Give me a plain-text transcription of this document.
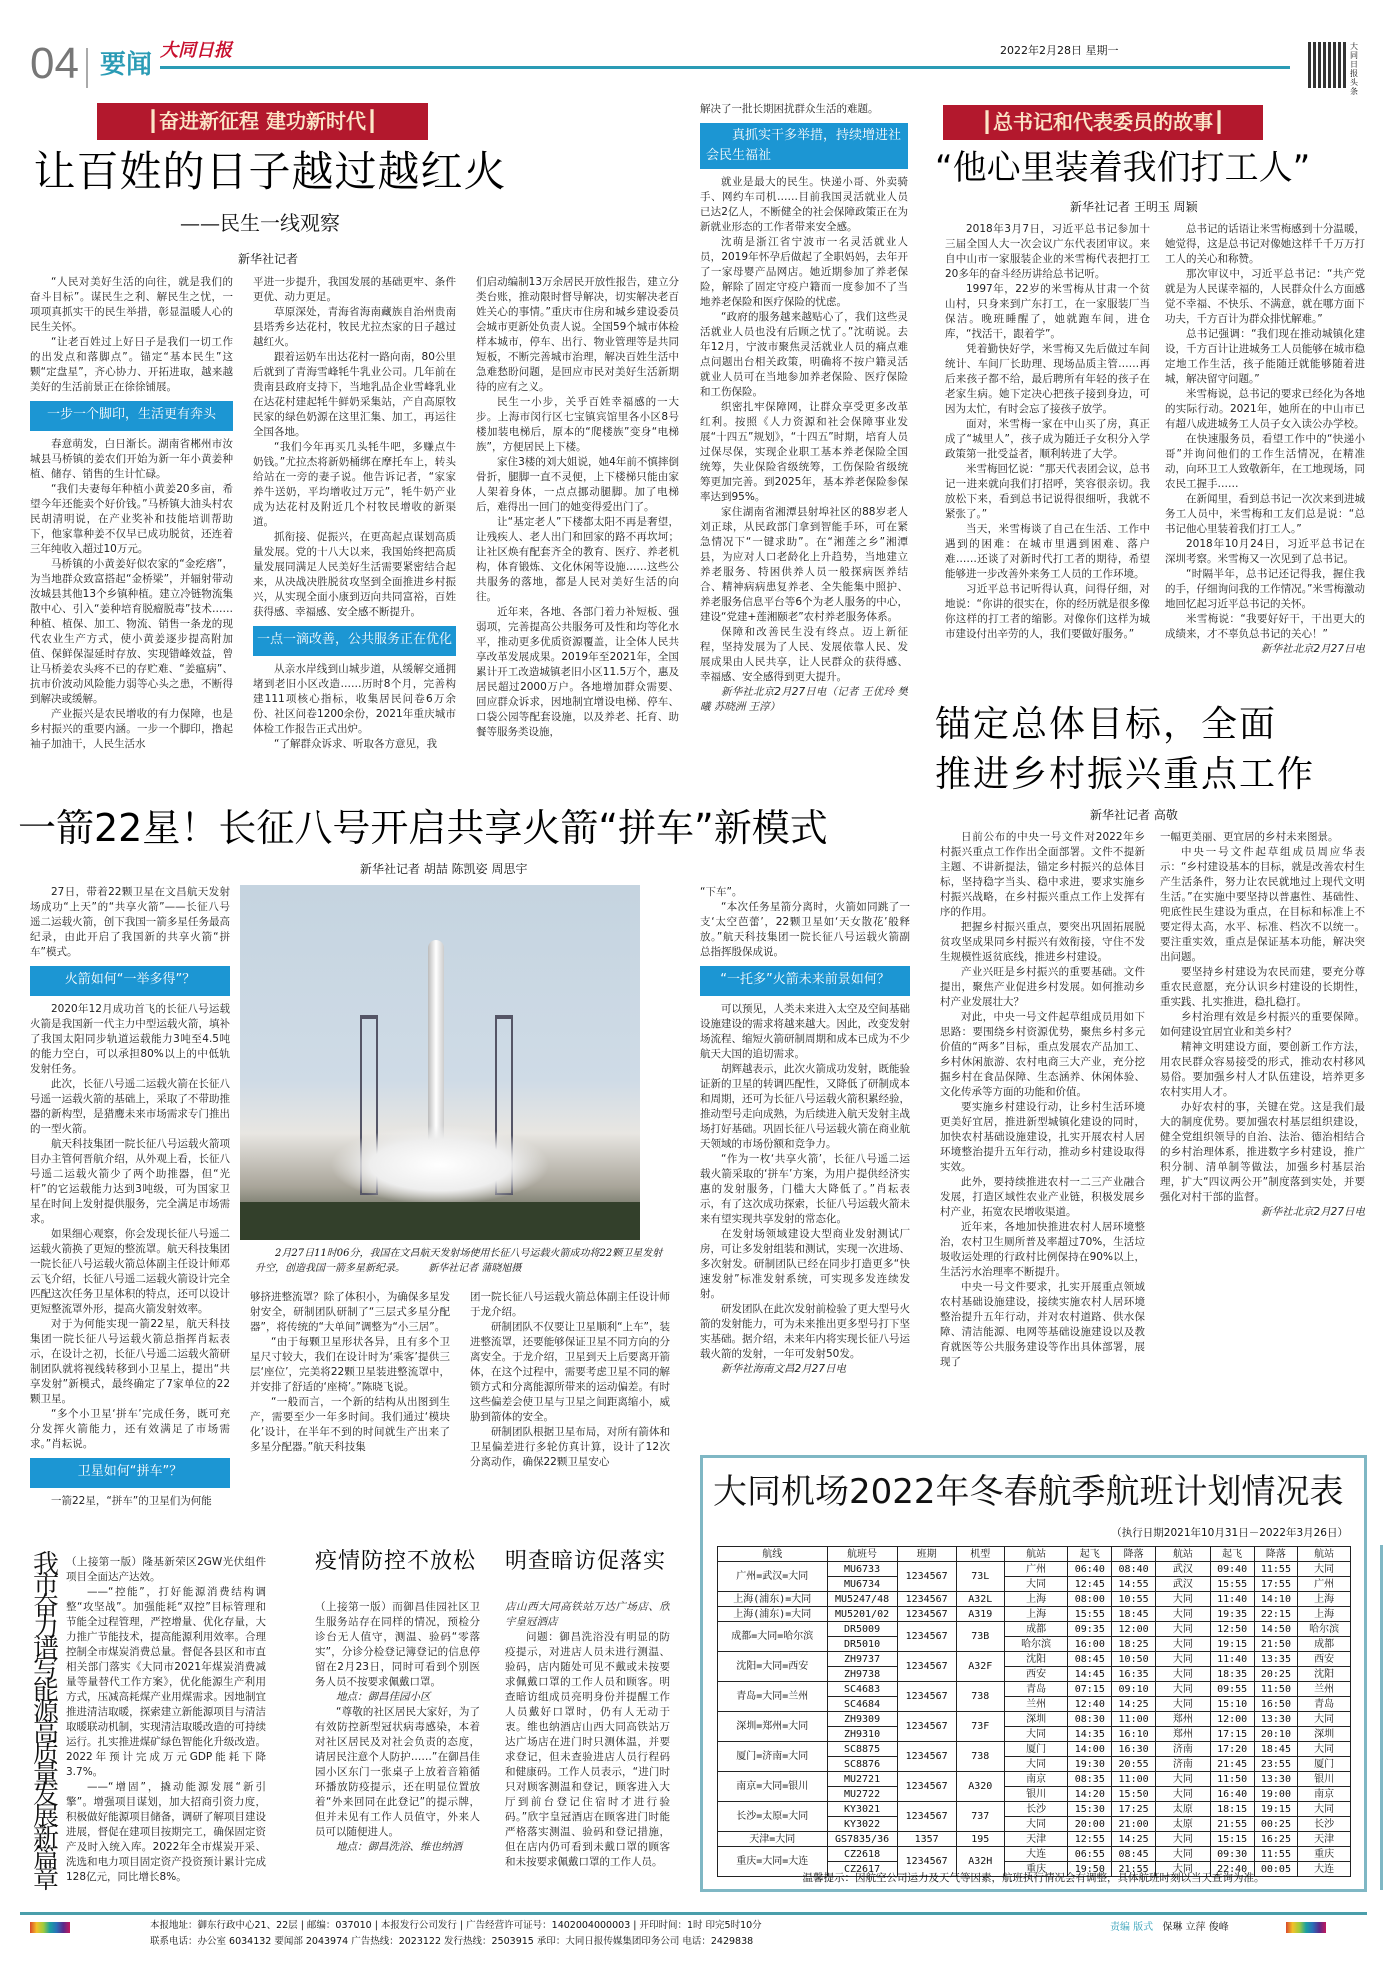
04 要闻 大同日报	2022年2月28日 星期一	大同日报头条
┃奋进新征程 建功新时代┃
让百姓的日子越过越红火
——民生一线观察
新华社记者

“人民对美好生活的向往，就是我们的奋斗目标”。谋民生之利、解民生之忧，一项项真抓实干的民生举措，彰显温暖人心的民生关怀。

“让老百姓过上好日子是我们一切工作的出发点和落脚点”。锚定“基本民生”这颗“定盘星”，齐心协力、开拓进取，越来越美好的生活前景正在徐徐铺展。

一步一个脚印，生活更有奔头

春意萌发，白日渐长。湖南省郴州市汝城县马桥镇的姜农们开始为新一年小黄姜种植、储存、销售的生计忙碌。

“我们夫妻每年种植小黄姜20多亩，希望今年还能卖个好价钱。”马桥镇大油头村农民胡清明说，在产业奖补和技能培训帮助下，他家靠种姜不仅早已成功脱贫，还连着三年纯收入超过10万元。

马桥镇的小黄姜好似农家的“金疙瘩”，为当地群众致富搭起“金桥梁”，并辐射带动汝城县其他13个乡镇种植。建立冷链物流集散中心、引入“姜种培育脱瘤脱毒”技术……种植、植保、加工、物流、销售一条龙的现代农业生产方式，使小黄姜逐步提高附加值、保鲜保湿延时存放、实现错峰效益，曾让马桥姜农头疼不已的存贮难、“姜瘟病”、抗市价波动风险能力弱等心头之患，不断得到解决或缓解。

产业振兴是农民增收的有力保障，也是乡村振兴的重要内涵。一步一个脚印，撸起袖子加油干，人民生活水

平进一步提升，我国发展的基础更牢、条件更优、动力更足。

草原深处，青海省海南藏族自治州贵南县塔秀乡达花村，牧民尤拉杰家的日子越过越红火。

跟着运奶车出达花村一路向南，80公里后就到了青海雪峰牦牛乳业公司。几年前在贵南县政府支持下，当地乳品企业雪峰乳业在达花村建起牦牛鲜奶采集站，产自高原牧民家的绿色奶源在这里汇集、加工，再运往全国各地。

“我们今年再买几头牦牛吧，多赚点牛奶钱。”尤拉杰将新奶桶绑在摩托车上，转头给站在一旁的妻子说。他告诉记者，“家家养牛送奶，平均增收过万元”，牦牛奶产业成为达花村及附近几个村牧民增收的新渠道。

抓衔接、促振兴，在更高起点谋划高质量发展。党的十八大以来，我国始终把高质量发展同满足人民美好生活需要紧密结合起来，从决战决胜脱贫攻坚到全面推进乡村振兴，从实现全面小康到迈向共同富裕，百姓获得感、幸福感、安全感不断提升。

一点一滴改善，公共服务正在优化

从亲水岸线到山城步道，从缓解交通拥堵到老旧小区改造……历时8个月，完善构建111项核心指标，收集居民问卷6万余份、社区问卷1200余份，2021年重庆城市体检工作报告正式出炉。

“了解群众诉求、听取各方意见，我

们启动编制13万余居民开放性报告，建立分类台账，推动限时督导解决，切实解决老百姓关心的事情。”重庆市住房和城乡建设委员会城市更新处负责人说。全国59个城市体检样本城市，停车、出行、物业管理等是共同短板，不断完善城市治理，解决百姓生活中急难愁盼问题，是回应市民对美好生活新期待的应有之义。

民生一小步，关乎百姓幸福感的一大步。上海市闵行区七宝镇宾馆里各小区8号楼加装电梯后，原本的“爬楼族”变身“电梯族”，方便居民上下楼。

家住3楼的刘大姐说，她4年前不慎摔倒骨折，腿脚一直不灵便，上下楼梯只能由家人架着身体，一点点挪动腿脚。加了电梯后，难得出一回门的她变得爱出门了。

让“基定老人”下楼都太阳不再是奢望，让残疾人、老人出门和回家的路不再坎坷；让社区焕有配套齐全的教育、医疗、养老机构，体育锻炼、文化休闲等设施……这些公共服务的落地，都是人民对美好生活的向往。

近年来，各地、各部门着力补短板、强弱项，完善提高公共服务可及性和均等化水平，推动更多优质资源覆盖，让全体人民共享改革发展成果。2019年至2021年，全国累计开工改造城镇老旧小区11.5万个，惠及居民超过2000万户。各地增加群众需要、回应群众诉求，因地制宜增设电梯、停车、口袋公园等配套设施，以及养老、托育、助餐等服务类设施，

解决了一批长期困扰群众生活的难题。

真抓实干多举措，持续增进社会民生福祉

就业是最大的民生。快递小哥、外卖骑手、网约车司机……目前我国灵活就业人员已达2亿人，不断健全的社会保障政策正在为新就业形态的工作者带来安全感。

沈萌是浙江省宁波市一名灵活就业人员，2019年怀孕后做起了全职妈妈，去年开了一家母婴产品网店。她近期参加了养老保险，解除了固定守疫户籍而一度参加不了当地养老保险和医疗保险的忧虑。

“政府的服务越来越贴心了，我们这些灵活就业人员也没有后顾之忧了。”沈萌说。去年12月，宁波市聚焦灵活就业人员的痛点难点问题出台相关政策，明确将不按户籍灵活就业人员可在当地参加养老保险、医疗保险和工伤保险。

织密扎牢保障网，让群众享受更多改革红利。按照《人力资源和社会保障事业发展“十四五”规划》，“十四五”时期，培育人员过保尽保，实现企业职工基本养老保险全国统筹，失业保险省级统筹，工伤保险省级统筹更加完善。到2025年，基本养老保险参保率达到95%。

家住湖南省湘潭县射埠社区的88岁老人刘正球，从民政部门拿到智能手环，可在紧急情况下“一键求助”。在“湘莲之乡”湘潭县，为应对人口老龄化上升趋势，当地建立养老服务、特困供养人员一般探病医养结合、精神病病患复养老、全失能集中照护、养老服务信息平台等6个为老人服务的中心，建设“党建+莲湘颐老”农村养老服务体系。

保障和改善民生没有终点。迈上新征程，坚持发展为了人民、发展依靠人民、发展成果由人民共享，让人民群众的获得感、幸福感、安全感得到更大提升。

新华社北京2月27日电（记者 王优玲 樊曦 苏晓洲 王淳）

┃总书记和代表委员的故事┃
“他心里装着我们打工人”
新华社记者 王明玉 周颖

2018年3月7日，习近平总书记参加十三届全国人大一次会议广东代表团审议。来自中山市一家服装企业的米雪梅代表把打工20多年的奋斗经历讲给总书记听。

1997年，22岁的米雪梅从甘肃一个贫山村，只身来到广东打工，在一家服装厂当保洁。晚班睡醒了，她就跑车间，进仓库，“找活干，跟着学”。

凭着勤快好学，米雪梅又先后做过车间统计、车间厂长助理、现场品质主管……再后来孩子都不给，最后聘所有年轻的孩子在老家生病。她下定决心把孩子接到身边，可因为太忙，有时会忘了接孩子放学。

面对，米雪梅一家在中山买了房，真正成了“城里人”，孩子成为随迁子女积分入学政策第一批受益者，顺利转进了大学。

米雪梅回忆说：“那天代表团会议，总书记一进来就向我们打招呼，笑容很亲切。我放松下来，看到总书记说得很细听，我就不紧张了。”

当天，米雪梅谈了自己在生活、工作中遇到的困难：在城市里遇到困难、落户难……还谈了对新时代打工者的期待，希望能够进一步改善外来务工人员的工作环境。

习近平总书记听得认真，问得仔细，对地说：“你讲的很实在，你的经历就是很多像你这样的打工者的缩影。对像你们这样为城市建设付出辛劳的人，我们要做好服务。”

总书记的话语让米雪梅感到十分温暖，她觉得，这是总书记对像她这样千千万万打工人的关心和称赞。

那次审议中，习近平总书记：“共产党就是为人民谋幸福的，人民群众什么方面感觉不幸福、不快乐、不满意，就在哪方面下功夫，千方百计为群众排忧解难。”

总书记强调：“我们现在推动城镇化建设，千方百计让进城务工人员能够在城市稳定地工作生活，孩子能随迁就能够随着进城，解决留守问题。”

米雪梅说，总书记的要求已经化为各地的实际行动。2021年，她所在的中山市已有超八成进城务工人员子女入读公办学校。

在快速服务员，看望工作中的“快递小哥”并询问他们的工作生活情况，在精准动，向环卫工人致敬新年，在工地现场，同农民工握手……

在新闻里，看到总书记一次次来到进城务工人员中，米雪梅和工友们总是说：“总书记他心里装着我们打工人。”

2018年10月24日，习近平总书记在深圳考察。米雪梅又一次见到了总书记。

“时隔半年，总书记还记得我，握住我的手，仔细询问我的工作情况。”米雪梅激动地回忆起习近平总书记的关怀。

米雪梅说：“我要好好干，干出更大的成绩来，才不辜负总书记的关心！”

新华社北京2月27日电

锚定总体目标，全面
推进乡村振兴重点工作
新华社记者 高敬

日前公布的中央一号文件对2022年乡村振兴重点工作作出全面部署。文件不提新主题、不讲新提法，锚定乡村振兴的总体目标，坚持稳字当头、稳中求进，要求实施乡村振兴战略，在乡村振兴重点工作上发挥有序的作用。

把握乡村振兴重点，要突出巩固拓展脱贫攻坚成果同乡村振兴有效衔接，守住不发生规模性返贫底线，推进乡村建设。

产业兴旺是乡村振兴的重要基础。文件提出，聚焦产业促进乡村发展。如何推动乡村产业发展壮大？

对此，中央一号文件起草组成员用如下思路：要围绕乡村资源优势，聚焦乡村多元价值的“两多”目标，重点发展农产品加工、乡村休闲旅游、农村电商三大产业，充分挖掘乡村在食品保障、生态涵养、休闲体验、文化传承等方面的功能和价值。

要实施乡村建设行动，让乡村生活环境更美好宜居，推进新型城镇化建设的同时，加快农村基础设施建设，扎实开展农村人居环境整治提升五年行动，推动乡村建设取得实效。

此外，要持续推进农村一二三产业融合发展，打造区域性农业产业链，积极发展乡村产业，拓宽农民增收渠道。

近年来，各地加快推进农村人居环境整治，农村卫生厕所普及率超过70%，生活垃圾收运处理的行政村比例保持在90%以上，生活污水治理率不断提升。

中央一号文件要求，扎实开展重点领域农村基础设施建设，接续实施农村人居环境整治提升五年行动，并对农村道路、供水保障、清洁能源、电网等基础设施建设以及教育就医等公共服务建设等作出具体部署，展现了

一幅更美丽、更宜居的乡村未来图景。

中央一号文件起草组成员周应华表示：“乡村建设基本的目标，就是改善农村生产生活条件，努力让农民就地过上现代文明生活。”在实施中要坚持以普惠性、基础性、兜底性民生建设为重点，在目标和标准上不要定得太高，水平、标准、档次不以统一。要注重实效，重点是保证基本功能，解决突出问题。

要坚持乡村建设为农民而建，要充分尊重农民意愿，充分认识乡村建设的长期性，重实践、扎实推进，稳扎稳打。

乡村治理有效是乡村振兴的重要保障。如何建设宜居宜业和美乡村？

精神文明建设方面，要创新工作方法，用农民群众容易接受的形式，推动农村移风易俗。要加强乡村人才队伍建设，培养更多农村实用人才。

办好农村的事，关键在党。这是我们最大的制度优势。要加强农村基层组织建设，健全党组织领导的自治、法治、德治相结合的乡村治理体系，推进数字乡村建设，推广积分制、清单制等做法，加强乡村基层治理，扩大“四议两公开”制度落到实处，并要强化对村干部的监督。

新华社北京2月27日电

一箭22星！长征八号开启共享火箭“拼车”新模式
新华社记者 胡喆 陈凯姿 周思宇

27日，带着22颗卫星在文昌航天发射场成功“上天”的“共享火箭”——长征八号遥二运载火箭，创下我国一箭多星任务最高纪录，由此开启了我国新的共享火箭“拼车”模式。

火箭如何“一举多得”？

2020年12月成功首飞的长征八号运载火箭是我国新一代主力中型运载火箭，填补了我国太阳同步轨道运载能力3吨至4.5吨的能力空白，可以承担80%以上的中低轨发射任务。

此次，长征八号遥二运载火箭在长征八号遥一运载火箭的基础上，采取了不带助推器的新构型，是猎鹰未来市场需求专门推出的一型火箭。

航天科技集团一院长征八号运载火箭项目办主管何晋航介绍，从外观上看，长征八号遥二运载火箭少了两个助推器，但“光杆”的它运载能力达到3吨级，可为国家卫星在时间上发射提供服务，完全满足市场需求。

如果细心观察，你会发现长征八号遥二运载火箭换了更短的整流罩。航天科技集团一院长征八号运载火箭总体副主任设计师邓云飞介绍，长征八号遥二运载火箭设计完全匹配这次任务卫星体积的特点，还可以设计更短整流罩外形，提高火箭发射效率。

对于为何能实现一箭22星，航天科技集团一院长征八号运载火箭总指挥肖耘表示，在设计之初，长征八号遥二运载火箭研制团队就将视线转移到小卫星上，提出“共享发射”新模式，最终确定了7家单位的22颗卫星。

“多个小卫星‘拼车’完成任务，既可充分发挥火箭能力，还有效满足了市场需求。”肖耘说。

卫星如何“拼车”？

一箭22星，“拼车”的卫星们为何能

2月27日11时06分，我国在文昌航天发射场使用长征八号运载火箭成功将22颗卫星发射升空，创造我国一箭多星新纪录。 新华社记者 蒲晓旭摄

够挤进整流罩？除了体积小，为确保多星发射安全，研制团队研制了“三层式多星分配器”，将传统的“大单间”调整为“小三居”。

“由于每颗卫星形状各异，且有多个卫星尺寸较大，我们在设计时为‘乘客’提供三层‘座位’，完美将22颗卫星装进整流罩中，并安排了舒适的‘座椅’。”陈晓飞说。

“一般而言，一个新的结构从出图到生产，需要至少一年多时间。我们通过‘模块化’设计，在半年不到的时间就生产出来了多星分配器。”航天科技集

团一院长征八号运载火箭总体副主任设计师于龙介绍。

研制团队不仅要让卫星顺利“上车”，装进整流罩，还要能够保证卫星不同方向的分离安全。于龙介绍，卫星到天上后要离开箭体，在这个过程中，需要考虑卫星不同的解锁方式和分离能源所带来的运动偏差。有时这些偏差会使卫星与卫星之间距离缩小，威胁到箭体的安全。

研制团队根据卫星布局，对所有箭体和卫星偏差进行多轮仿真计算，设计了12次分离动作，确保22颗卫星安心

“下车”。

“本次任务星箭分离时，火箭如同跳了一支‘太空芭蕾’，22颗卫星如‘天女散花’般释放。”航天科技集团一院长征八号运载火箭副总指挥殷保成说。

“一托多”火箭未来前景如何？

可以预见，人类未来进入太空及空间基础设施建设的需求将越来越大。因此，改变发射场流程、缩短火箭研制周期和成本已成为不少航天大国的追切需求。

胡辉越表示，此次火箭成功发射，既能验证新的卫星的转调匹配性，又降低了研制成本和周期，还可为长征八号运载火箭积累经验，推动型号走向成熟，为后续进入航天发射主战场打好基础。巩固长征八号运载火箭在商业航天领域的市场份额和竞争力。

“作为一枚‘共享火箭’，长征八号遥二运载火箭采取的‘拼车’方案，为用户提供经济实惠的发射服务，门槛大大降低了。”肖耘表示，有了这次成功探索，长征八号运载火箭未来有望实现共享发射的常态化。

在发射场领域建设大型商业发射测试厂房，可让多发射组装和测试，实现一次进场、多次射发。研制团队已经在同步打造更多“快速发射”标准发射系统，可实现多发连续发射。

研发团队在此次发射前检验了更大型号火箭的发射能力，可为未来推出更多型号打下坚实基础。据介绍，未来年内将实现长征八号运载火箭的发射，一年可发射50发。

新华社海南文昌2月27日电

我市奋力谱写能源高质量发展新篇章

（上接第一版）隆基新荣区2GW光伏组件项目全面达产达效。

——“控能”，打好能源消费结构调整“攻坚战”。加强能耗“双控”目标管理和节能全过程管理，严控增量、优化存量，大力推广节能技术，提高能源利用效率。合理控制全市煤炭消费总量。督促各县区和市直相关部门落实《大同市2021年煤炭消费减量等量替代工作方案》，优化能源生产利用方式，压减高耗煤产业用煤需求。因地制宜推进清洁取暖，探索建立新能源项目与清洁取暖联动机制，实现清洁取暖改造的可持续运行。扎实推进煤矿绿色智能化升级改造。2022年预计完成万元GDP能耗下降3.7%。

——“增固”，撬动能源发展“新引擎”。增强项目谋划，加大招商引资力度，积极做好能源项目储备，调研了解项目建设进展，督促在建项目按期完工，确保固定资产及时入统入库。2022年全市煤炭开采、洗选和电力项目固定资产投资预计累计完成128亿元，同比增长8%。

疫情防控不放松 明查暗访促落实

（上接第一版）而御昌佳园社区卫生服务站存在同样的情况，预检分诊台无人值守，测温、验码“零落实”，分诊分检登记簿登记的信息停留在2月23日，同时可看到个别医务人员不按要求佩戴口罩。

地点：御昌佳园小区

“尊敬的社区居民大家好，为了有效防控新型冠状病毒感染，本着对社区居民及对社会负责的态度，请居民注意个人防护……”在御昌佳园小区东门一张桌子上放着音箱循环播放防疫提示，还在明显位置放着“外来回同在此登记”的提示牌，但并未见有工作人员值守，外来人员可以随便进人。

地点：御昌洗浴、维也纳酒

店山西大同高铁站万达广场店、欣宇皇冠酒店

问题：御昌洗浴没有明显的防疫提示，对进店人员未进行测温、验码，店内随处可见不戴或未按要求佩戴口罩的工作人员和顾客。明查暗访组成员亮明身份并提醒工作人员戴好口罩时，仍有人无动于衷。维也纳酒店山西大同高铁站万达广场店在进门时只测体温，并要求登记，但未查验进店人员行程码和健康码。工作人员表示，“进门时只对顾客测温和登记，顾客进入大厅到前台登记住宿时才进行验码。”欣宇皇冠酒店在顾客进门时能严格落实测温、验码和登记措施，但在店内仍可看到未戴口罩的顾客和未按要求佩戴口罩的工作人员。

大同机场2022年冬春航季航班计划情况表
（执行日期2021年10月31日－2022年3月26日）
航线	航班号	班期	机型	航站	起飞	降落	航站	起飞	降落	航站
广州=武汉=大同	MU6733	1234567	73L	广州	06:40	08:40	武汉	09:40	11:55	大同
	MU6734			大同	12:45	14:55	武汉	15:55	17:55	广州
上海(浦东)=大同	MU5247/48	1234567	A32L	上海	08:00	10:55	大同	11:40	14:10	上海
上海(浦东)=大同	MU5201/02	1234567	A319	上海	15:55	18:45	大同	19:35	22:15	上海
成都=大同=哈尔滨	DR5009	1234567	73B	成都	09:35	12:00	大同	12:50	14:50	哈尔滨
	DR5010			哈尔滨	16:00	18:25	大同	19:15	21:50	成都
沈阳=大同=西安	ZH9737	1234567	A32F	沈阳	08:45	10:50	大同	11:40	13:35	西安
	ZH9738			西安	14:45	16:35	大同	18:35	20:25	沈阳
青岛=大同=兰州	SC4683	1234567	738	青岛	07:15	09:10	大同	09:55	11:50	兰州
	SC4684			兰州	12:40	14:25	大同	15:10	16:50	青岛
深圳=郑州=大同	ZH9309	1234567	73F	深圳	08:30	11:00	郑州	12:00	13:30	大同
	ZH9310			大同	14:35	16:10	郑州	17:15	20:10	深圳
厦门=济南=大同	SC8875	1234567	738	厦门	14:00	16:30	济南	17:20	18:45	大同
	SC8876			大同	19:30	20:55	济南	21:45	23:55	厦门
南京=大同=银川	MU2721	1234567	A320	南京	08:35	11:00	大同	11:50	13:30	银川
	MU2722			银川	14:20	15:50	大同	16:40	19:00	南京
长沙=太原=大同	KY3021	1234567	737	长沙	15:30	17:25	太原	18:15	19:15	大同
	KY3022			大同	20:00	21:00	太原	21:55	00:25	长沙
天津=大同	GS7835/36	1357	195	天津	12:55	14:25	大同	15:15	16:25	天津
重庆=大同=大连	CZ2618	1234567	A32H	大连	06:55	08:45	大同	09:30	11:55	重庆
	CZ2617			重庆	19:50	21:55	大同	22:40	00:05	大连
温馨提示：因航空公司运力及天气等因素，航班执行情况会有调整，具体航班时刻以当天查询为准。
本报地址：御东行政中心21、22层 | 邮编：037010 | 本报发行公司发行 | 广告经营许可证号：1402004000003 | 开印时间：1时 印完5时10分
联系电话：办公室 6034132 要闻部 2043974 广告热线：2023122 发行热线：2503915 承印：大同日报传媒集团印务公司 电话：2429838
责编 版式 保琳 立萍 俊峰
